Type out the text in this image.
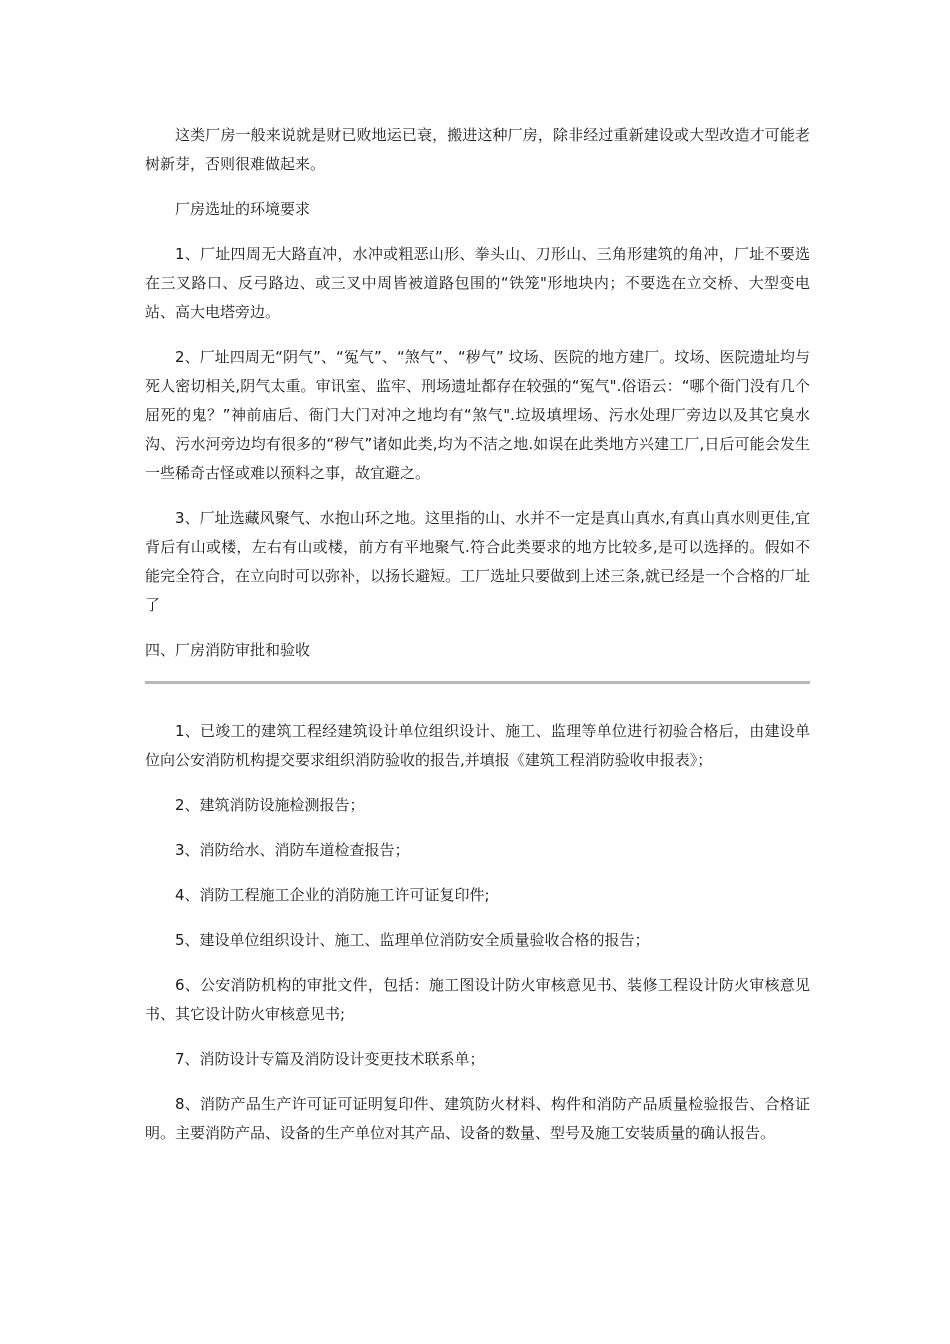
这类厂房一般来说就是财已败地运已衰，搬进这种厂房，除非经过重新建设或大型改造才可能老树新芽，否则很难做起来。

厂房选址的环境要求

1、厂址四周无大路直冲，水冲或粗恶山形、拳头山、刀形山、三角形建筑的角冲，厂址不要选在三叉路口、反弓路边、或三叉中周皆被道路包围的“铁笼"形地块内；不要选在立交桥、大型变电站、高大电塔旁边。

2、厂址四周无“阴气”、“冤气”、“煞气”、“秽气” 坟场、医院的地方建厂。坟场、医院遗址均与死人密切相关,阴气太重。审讯室、监牢、刑场遗址都存在较强的“冤气".俗语云：“哪个衙门没有几个屈死的鬼？”神前庙后、衙门大门对冲之地均有“煞气".垃圾填埋场、污水处理厂旁边以及其它臭水沟、污水河旁边均有很多的“秽气”诸如此类,均为不洁之地.如误在此类地方兴建工厂,日后可能会发生一些稀奇古怪或难以预料之事，故宜避之。

3、厂址选藏风聚气、水抱山环之地。这里指的山、水并不一定是真山真水,有真山真水则更佳,宜背后有山或楼，左右有山或楼，前方有平地聚气.符合此类要求的地方比较多,是可以选择的。假如不能完全符合，在立向时可以弥补，以扬长避短。工厂选址只要做到上述三条,就已经是一个合格的厂址了

四、厂房消防审批和验收

1、已竣工的建筑工程经建筑设计单位组织设计、施工、监理等单位进行初验合格后，由建设单位向公安消防机构提交要求组织消防验收的报告,并填报《建筑工程消防验收申报表》；

2、建筑消防设施检测报告；

3、消防给水、消防车道检查报告；

4、消防工程施工企业的消防施工许可证复印件;

5、建设单位组织设计、施工、监理单位消防安全质量验收合格的报告；

6、公安消防机构的审批文件，包括：施工图设计防火审核意见书、装修工程设计防火审核意见书、其它设计防火审核意见书;

7、消防设计专篇及消防设计变更技术联系单；

8、消防产品生产许可证可证明复印件、建筑防火材料、构件和消防产品质量检验报告、合格证明。主要消防产品、设备的生产单位对其产品、设备的数量、型号及施工安装质量的确认报告。
